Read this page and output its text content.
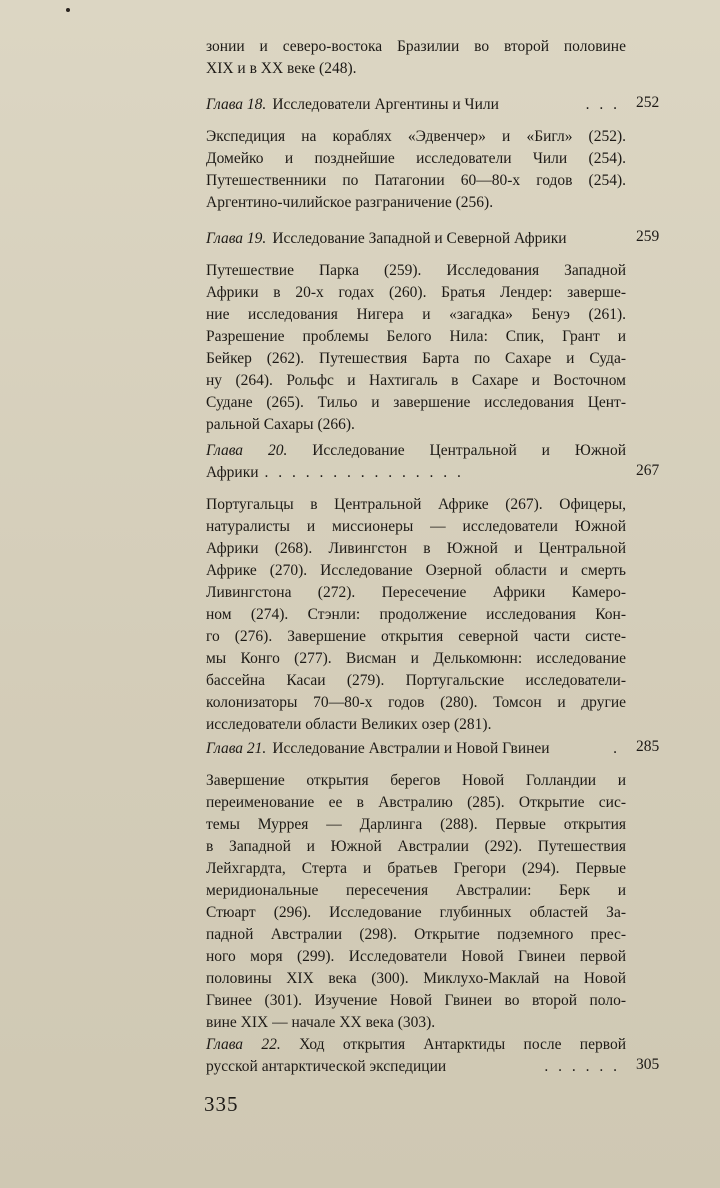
зонии и северо-востока Бразилии во второй половине
XIX и в XX веке (248).
Глава 18. Исследователи Аргентины и Чили	. . . 252
Экспедиция на кораблях «Эдвенчер» и «Бигл» (252).
Домейко и позднейшие исследователи Чили (254).
Путешественники по Патагонии 60—80-х годов (254).
Аргентино-чилийское разграничение (256).
Глава 19. Исследование Западной и Северной Африки	259
Путешествие Парка (259). Исследования Западной
Африки в 20-х годах (260). Братья Лендер: заверше-
ние исследования Нигера и «загадка» Бенуэ (261).
Разрешение проблемы Белого Нила: Спик, Грант и
Бейкер (262). Путешествия Барта по Сахаре и Суда-
ну (264). Рольфс и Нахтигаль в Сахаре и Восточном
Судане (265). Тильо и завершение исследования Цент-
ральной Сахары (266).
Глава 20. Исследование Центральной и Южной
Африки . . . . . . . . . . . . . . .	267
Португальцы в Центральной Африке (267). Офицеры,
натуралисты и миссионеры — исследователи Южной
Африки (268). Ливингстон в Южной и Центральной
Африке (270). Исследование Озерной области и смерть
Ливингстона (272). Пересечение Африки Камеро-
ном (274). Стэнли: продолжение исследования Кон-
го (276). Завершение открытия северной части систе-
мы Конго (277). Висман и Делькомюнн: исследование
бассейна Касаи (279). Португальские исследователи-
колонизаторы 70—80-х годов (280). Томсон и другие
исследователи области Великих озер (281).
Глава 21. Исследование Австралии и Новой Гвинеи	. 285
Завершение открытия берегов Новой Голландии и
переименование ее в Австралию (285). Открытие сис-
темы Муррея — Дарлинга (288). Первые открытия
в Западной и Южной Австралии (292). Путешествия
Лейхгардта, Стерта и братьев Грегори (294). Первые
меридиональные пересечения Австралии: Берк и
Стюарт (296). Исследование глубинных областей За-
падной Австралии (298). Открытие подземного прес-
ного моря (299). Исследователи Новой Гвинеи первой
половины XIX века (300). Миклухо-Маклай на Новой
Гвинее (301). Изучение Новой Гвинеи во второй поло-
вине XIX — начале XX века (303).
Глава 22. Ход открытия Антарктиды после первой
русской антарктической экспедиции	. . . . . . 305
335
